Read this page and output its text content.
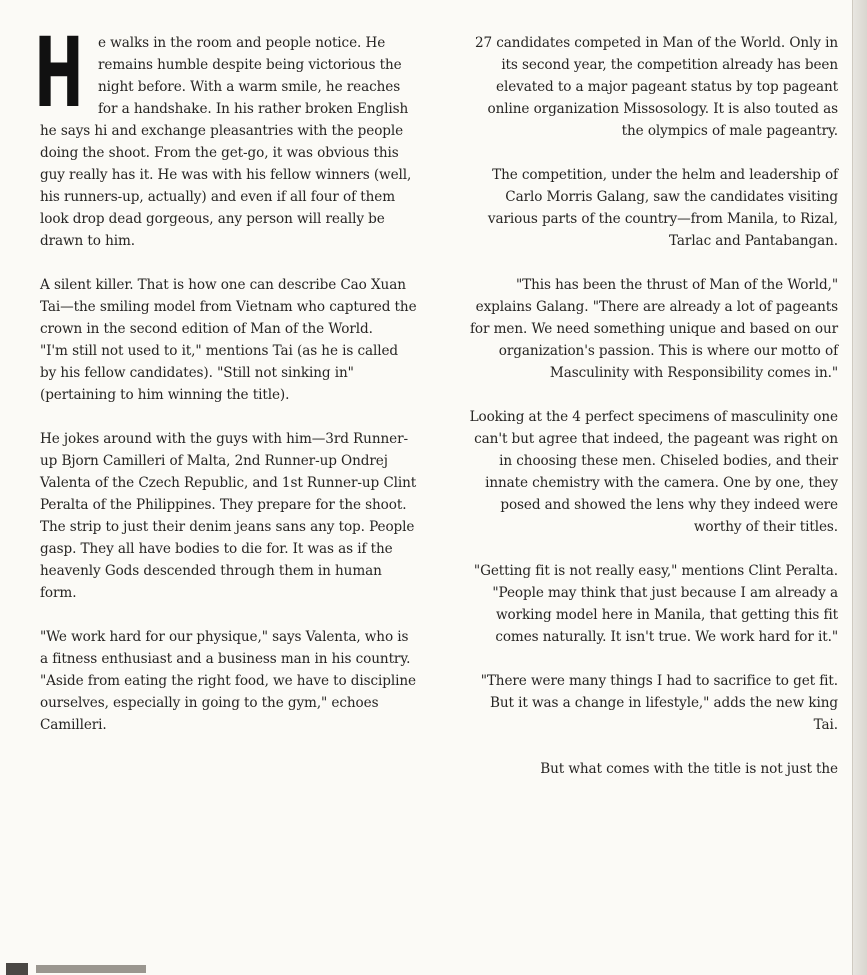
H e walks in the room and people notice. He remains humble despite being victorious the night before. With a warm smile, he reaches for a handshake. In his rather broken English he says hi and exchange pleasantries with the people doing the shoot. From the get-go, it was obvious this guy really has it. He was with his fellow winners (well, his runners-up, actually) and even if all four of them look drop dead gorgeous, any person will really be drawn to him.

A silent killer. That is how one can describe Cao Xuan Tai—the smiling model from Vietnam who captured the crown in the second edition of Man of the World.

"I'm still not used to it," mentions Tai (as he is called by his fellow candidates). "Still not sinking in" (pertaining to him winning the title).

He jokes around with the guys with him—3rd Runner-up Bjorn Camilleri of Malta, 2nd Runner-up Ondrej Valenta of the Czech Republic, and 1st Runner-up Clint Peralta of the Philippines. They prepare for the shoot. The strip to just their denim jeans sans any top. People gasp. They all have bodies to die for. It was as if the heavenly Gods descended through them in human form.

"We work hard for our physique," says Valenta, who is a fitness enthusiast and a business man in his country.

"Aside from eating the right food, we have to discipline ourselves, especially in going to the gym," echoes Camilleri.

27 candidates competed in Man of the World. Only in its second year, the competition already has been elevated to a major pageant status by top pageant online organization Missosology. It is also touted as the olympics of male pageantry.

The competition, under the helm and leadership of Carlo Morris Galang, saw the candidates visiting various parts of the country—from Manila, to Rizal, Tarlac and Pantabangan.

"This has been the thrust of Man of the World," explains Galang. "There are already a lot of pageants for men. We need something unique and based on our organization's passion. This is where our motto of Masculinity with Responsibility comes in."

Looking at the 4 perfect specimens of masculinity one can't but agree that indeed, the pageant was right on in choosing these men. Chiseled bodies, and their innate chemistry with the camera. One by one, they posed and showed the lens why they indeed were worthy of their titles.

"Getting fit is not really easy," mentions Clint Peralta. "People may think that just because I am already a working model here in Manila, that getting this fit comes naturally. It isn't true. We work hard for it."

"There were many things I had to sacrifice to get fit. But it was a change in lifestyle," adds the new king Tai.

But what comes with the title is not just the
